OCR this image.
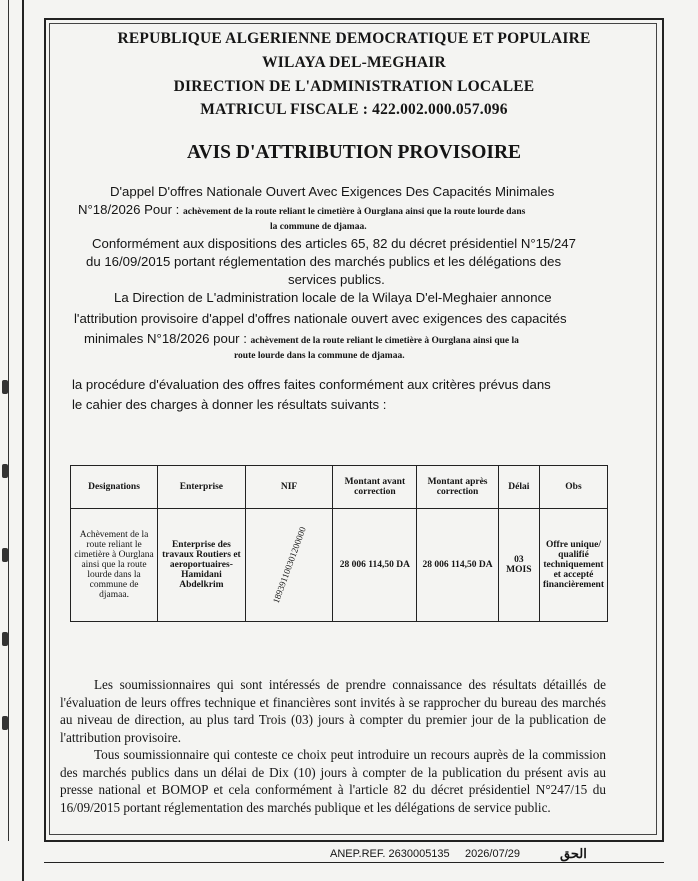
REPUBLIQUE ALGERIENNE DEMOCRATIQUE ET POPULAIRE
WILAYA DEL-MEGHAIR
DIRECTION DE L'ADMINISTRATION LOCALEE
MATRICUL FISCALE : 422.002.000.057.096
AVIS D'ATTRIBUTION PROVISOIRE
D'appel D'offres Nationale Ouvert Avec Exigences Des Capacités Minimales
N°18/2026 Pour : achèvement de la route reliant le cimetière à Ourglana ainsi que la route lourde dans
la commune de djamaa.
Conformément aux dispositions des articles 65, 82 du décret présidentiel N°15/247
du 16/09/2015 portant réglementation des marchés publics et les délégations des
services publics.
La Direction de L'administration locale de la Wilaya D'el-Meghaier annonce
l'attribution provisoire d'appel d'offres nationale ouvert avec exigences des capacités
minimales N°18/2026 pour : achèvement de la route reliant le cimetière à Ourglana ainsi que la
route lourde dans la commune de djamaa.
la procédure d'évaluation des offres faites conformément aux critères prévus dans
le cahier des charges à donner les résultats suivants :
Designations	Enterprise	NIF	Montant avant correction	Montant après correction	Délai	Obs
Achèvement de la route reliant le cimetière à Ourglana ainsi que la route lourde dans la commune de djamaa.	Enterprise des travaux Routiers et aeroportuaires-Hamidani Abdelkrim	189391100301200000	28 006 114,50 DA	28 006 114,50 DA	03 MOIS	Offre unique/ qualifié techniquement et accepté financièrement

Les soumissionnaires qui sont intéressés de prendre connaissance des résultats détaillés de l'évaluation de leurs offres technique et financières sont invités à se rapprocher du bureau des marchés au niveau de direction, au plus tard Trois (03) jours à compter du premier jour de la publication de l'attribution provisoire.

Tous soumissionnaire qui conteste ce choix peut introduire un recours auprès de la commission des marchés publics dans un délai de Dix (10) jours à compter de la publication du présent avis au presse national et BOMOP et cela conformément à l'article 82 du décret présidentiel N°247/15 du 16/09/2015 portant réglementation des marchés publique et les délégations de service public.

ANEP.REF. 2630005135 2026/07/29	الحق
